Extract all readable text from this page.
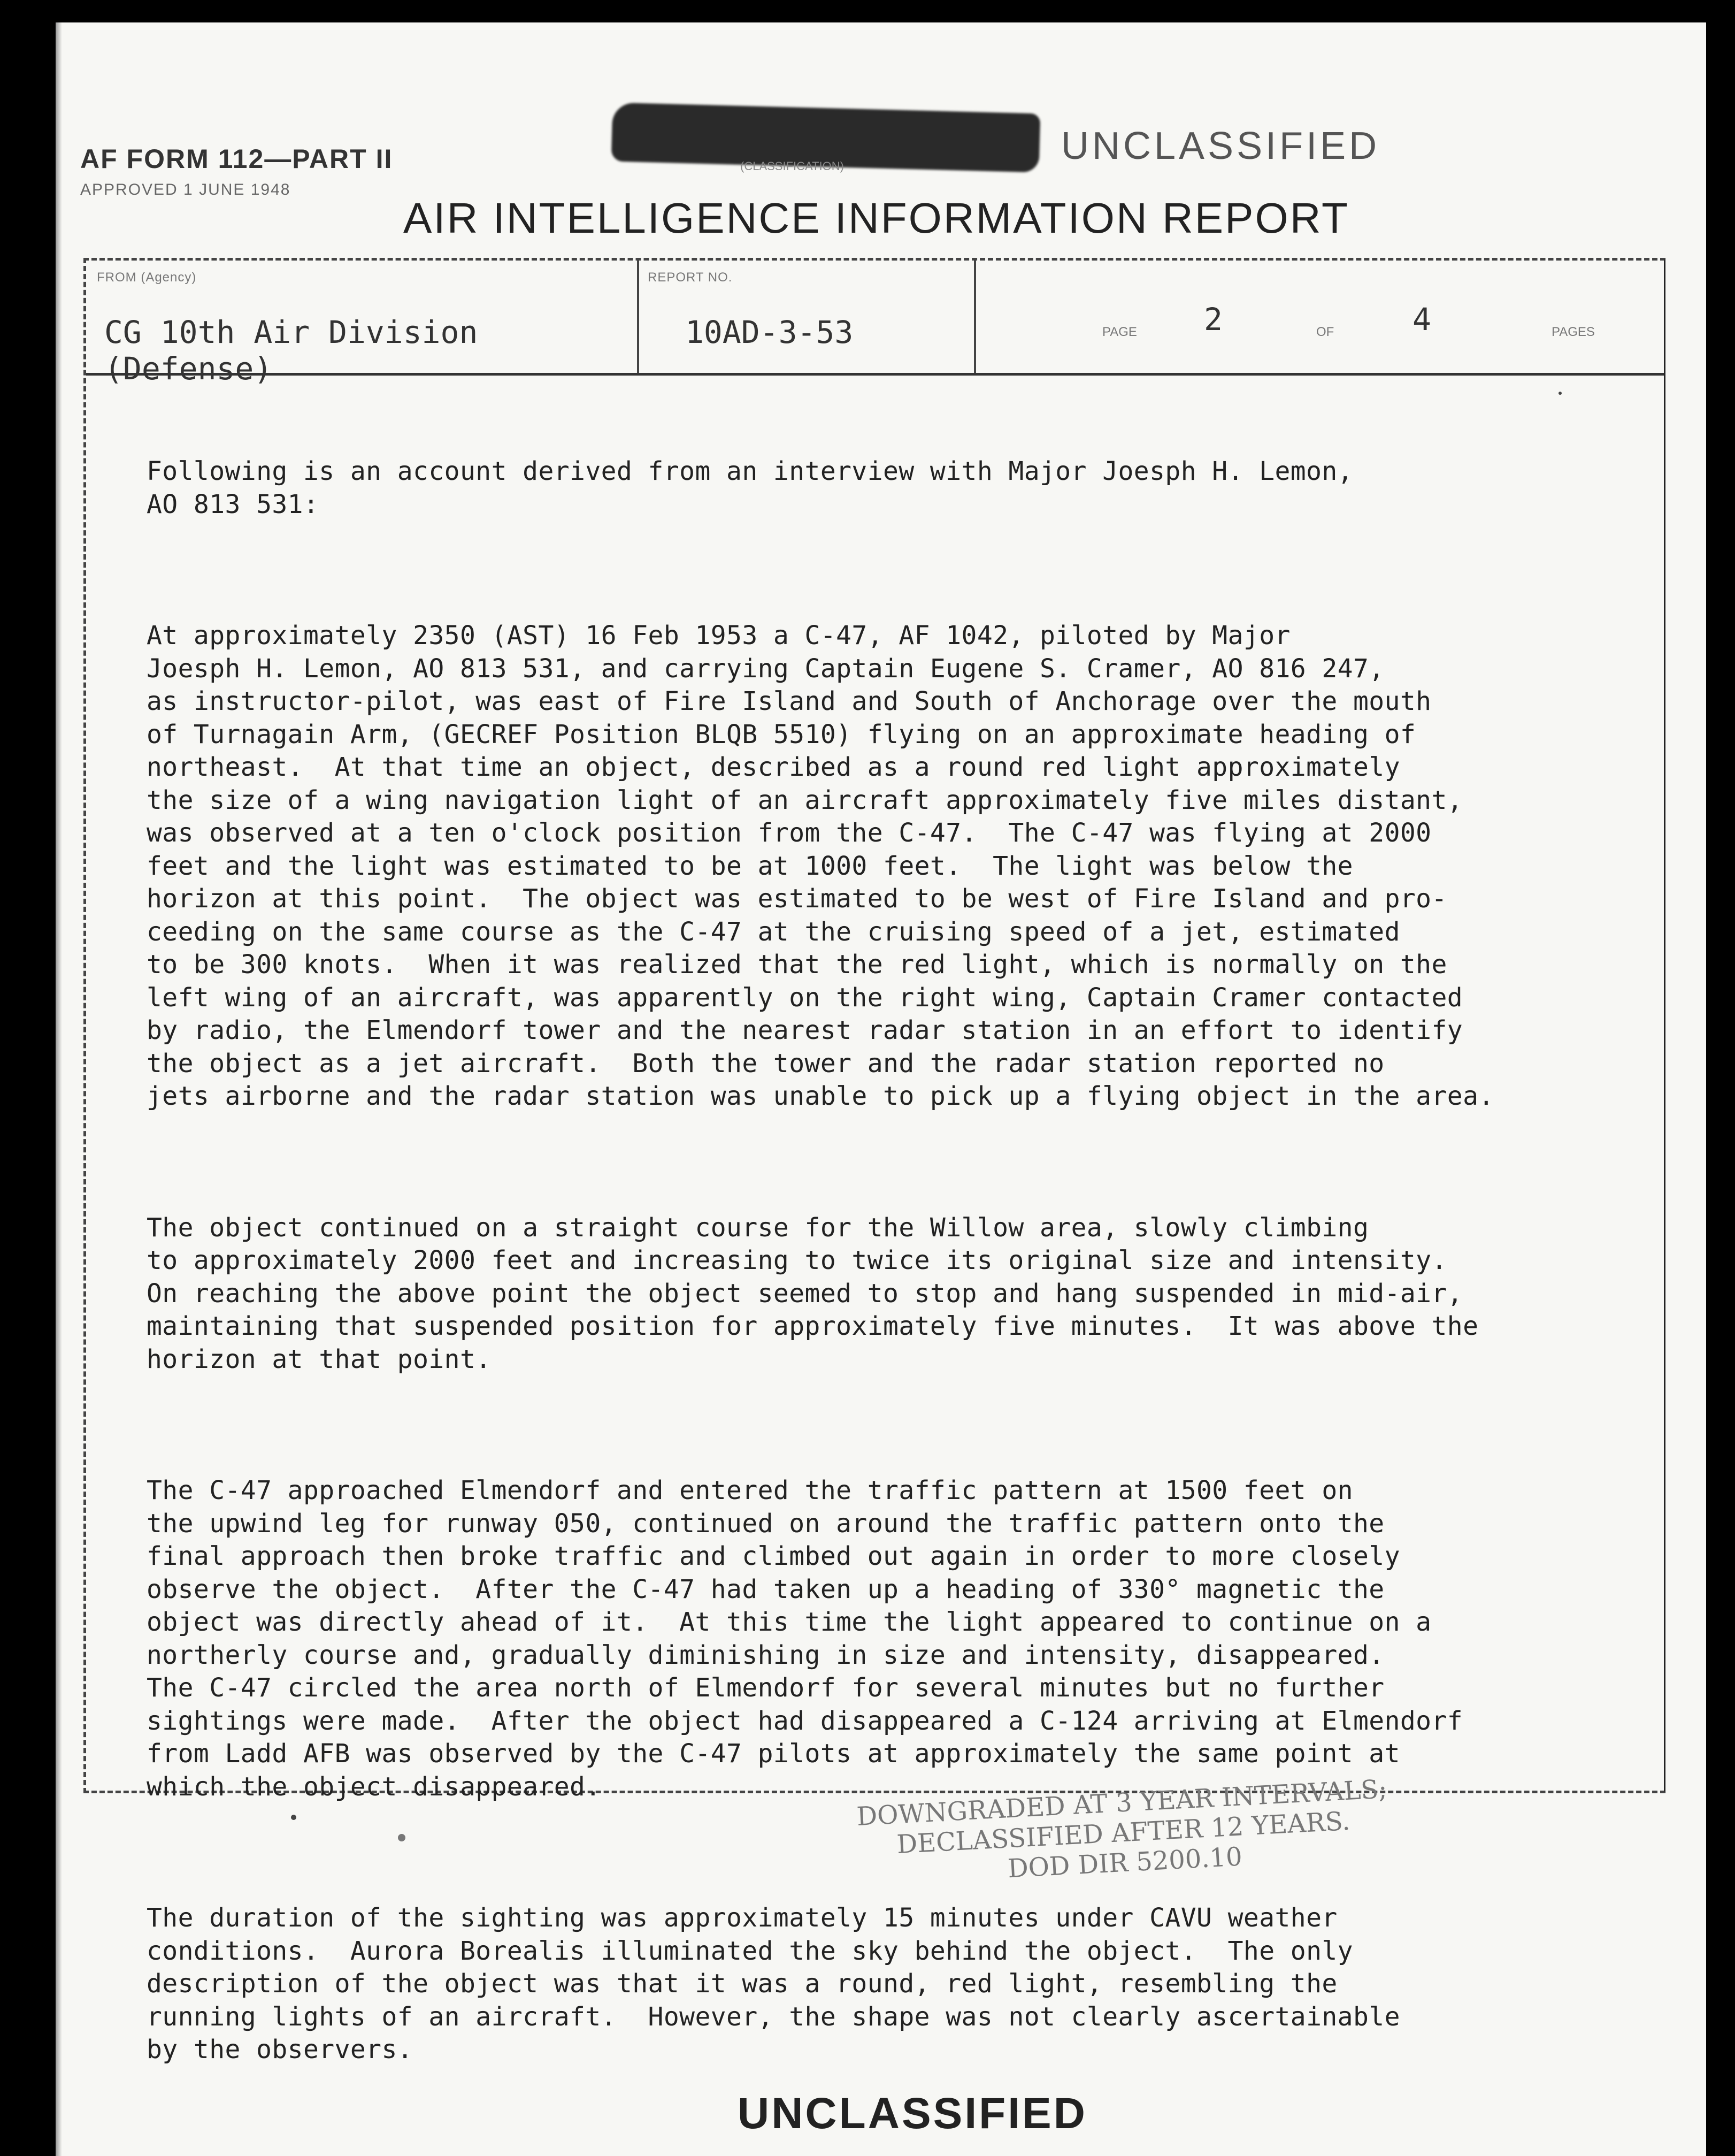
AF FORM 112—PART II
APPROVED 1 JUNE 1948
(CLASSIFICATION)	UNCLASSIFIED
AIR INTELLIGENCE INFORMATION REPORT
FROM (Agency)
CG 10th Air Division (Defense)
REPORT NO.
10AD-3-53	PAGE 2	OF	4	PAGES

Following is an account derived from an interview with Major Joesph H. Lemon,
AO 813 531:

At approximately 2350 (AST) 16 Feb 1953 a C-47, AF 1042, piloted by Major
Joesph H. Lemon, AO 813 531, and carrying Captain Eugene S. Cramer, AO 816 247,
as instructor-pilot, was east of Fire Island and South of Anchorage over the mouth
of Turnagain Arm, (GECREF Position BLQB 5510) flying on an approximate heading of
northeast.  At that time an object, described as a round red light approximately
the size of a wing navigation light of an aircraft approximately five miles distant,
was observed at a ten o'clock position from the C-47.  The C-47 was flying at 2000
feet and the light was estimated to be at 1000 feet.  The light was below the
horizon at this point.  The object was estimated to be west of Fire Island and pro-
ceeding on the same course as the C-47 at the cruising speed of a jet, estimated
to be 300 knots.  When it was realized that the red light, which is normally on the
left wing of an aircraft, was apparently on the right wing, Captain Cramer contacted
by radio, the Elmendorf tower and the nearest radar station in an effort to identify
the object as a jet aircraft.  Both the tower and the radar station reported no
jets airborne and the radar station was unable to pick up a flying object in the area.

The object continued on a straight course for the Willow area, slowly climbing
to approximately 2000 feet and increasing to twice its original size and intensity.
On reaching the above point the object seemed to stop and hang suspended in mid-air,
maintaining that suspended position for approximately five minutes.  It was above the
horizon at that point.

The C-47 approached Elmendorf and entered the traffic pattern at 1500 feet on
the upwind leg for runway 050, continued on around the traffic pattern onto the
final approach then broke traffic and climbed out again in order to more closely
observe the object.  After the C-47 had taken up a heading of 330° magnetic the
object was directly ahead of it.  At this time the light appeared to continue on a
northerly course and, gradually diminishing in size and intensity, disappeared.
The C-47 circled the area north of Elmendorf for several minutes but no further
sightings were made.  After the object had disappeared a C-124 arriving at Elmendorf
from Ladd AFB was observed by the C-47 pilots at approximately the same point at
which the object disappeared.

The duration of the sighting was approximately 15 minutes under CAVU weather
conditions.  Aurora Borealis illuminated the sky behind the object.  The only
description of the object was that it was a round, red light, resembling the
running lights of an aircraft.  However, the shape was not clearly ascertainable
by the observers.

DOWNGRADED AT 3 YEAR INTERVALS;
DECLASSIFIED AFTER 12 YEARS.
DOD DIR 5200.10
UNCLASSIFIED
